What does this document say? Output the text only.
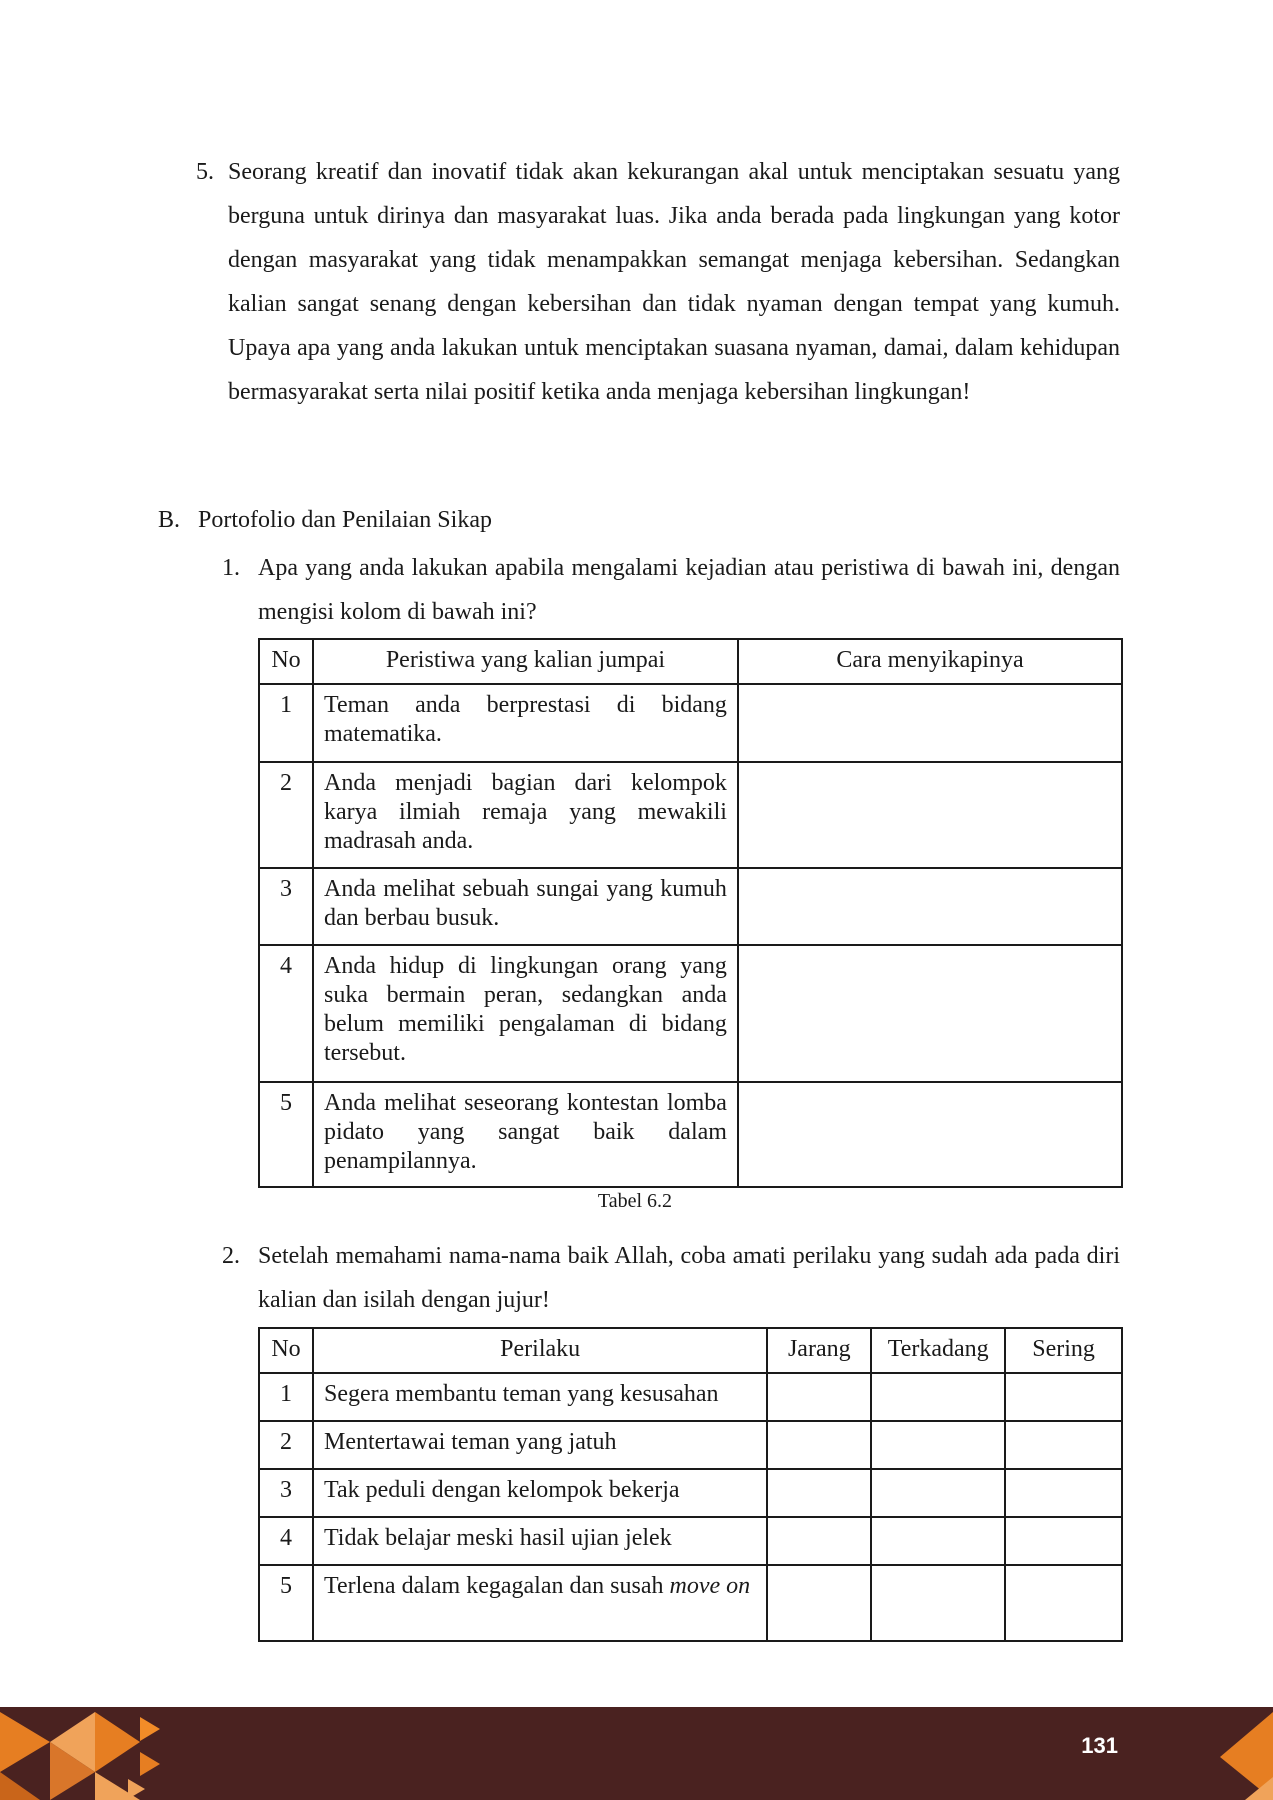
5. Seorang kreatif dan inovatif tidak akan kekurangan akal untuk menciptakan sesuatu yang berguna untuk dirinya dan masyarakat luas. Jika anda berada pada lingkungan yang kotor dengan masyarakat yang tidak menampakkan semangat menjaga kebersihan. Sedangkan kalian sangat senang dengan kebersihan dan tidak nyaman dengan tempat yang kumuh. Upaya apa yang anda lakukan untuk menciptakan suasana nyaman, damai, dalam kehidupan bermasyarakat serta nilai positif ketika anda menjaga kebersihan lingkungan!
B. Portofolio dan Penilaian Sikap
1. Apa yang anda lakukan apabila mengalami kejadian atau peristiwa di bawah ini, dengan mengisi kolom di bawah ini?
No	Peristiwa yang kalian jumpai	Cara menyikapinya
1	Teman anda berprestasi di bidang matematika.	
2	Anda menjadi bagian dari kelompok karya ilmiah remaja yang mewakili madrasah anda.	
3	Anda melihat sebuah sungai yang kumuh dan berbau busuk.	
4	Anda hidup di lingkungan orang yang suka bermain peran, sedangkan anda belum memiliki pengalaman di bidang tersebut.	
5	Anda melihat seseorang kontestan lomba pidato yang sangat baik dalam penampilannya.	
Tabel 6.2
2. Setelah memahami nama-nama baik Allah, coba amati perilaku yang sudah ada pada diri kalian dan isilah dengan jujur!
No	Perilaku	Jarang	Terkadang	Sering
1	Segera membantu teman yang kesusahan			
2	Mentertawai teman yang jatuh			
3	Tak peduli dengan kelompok bekerja			
4	Tidak belajar meski hasil ujian jelek			
5	Terlena dalam kegagalan dan susah move on			
131
